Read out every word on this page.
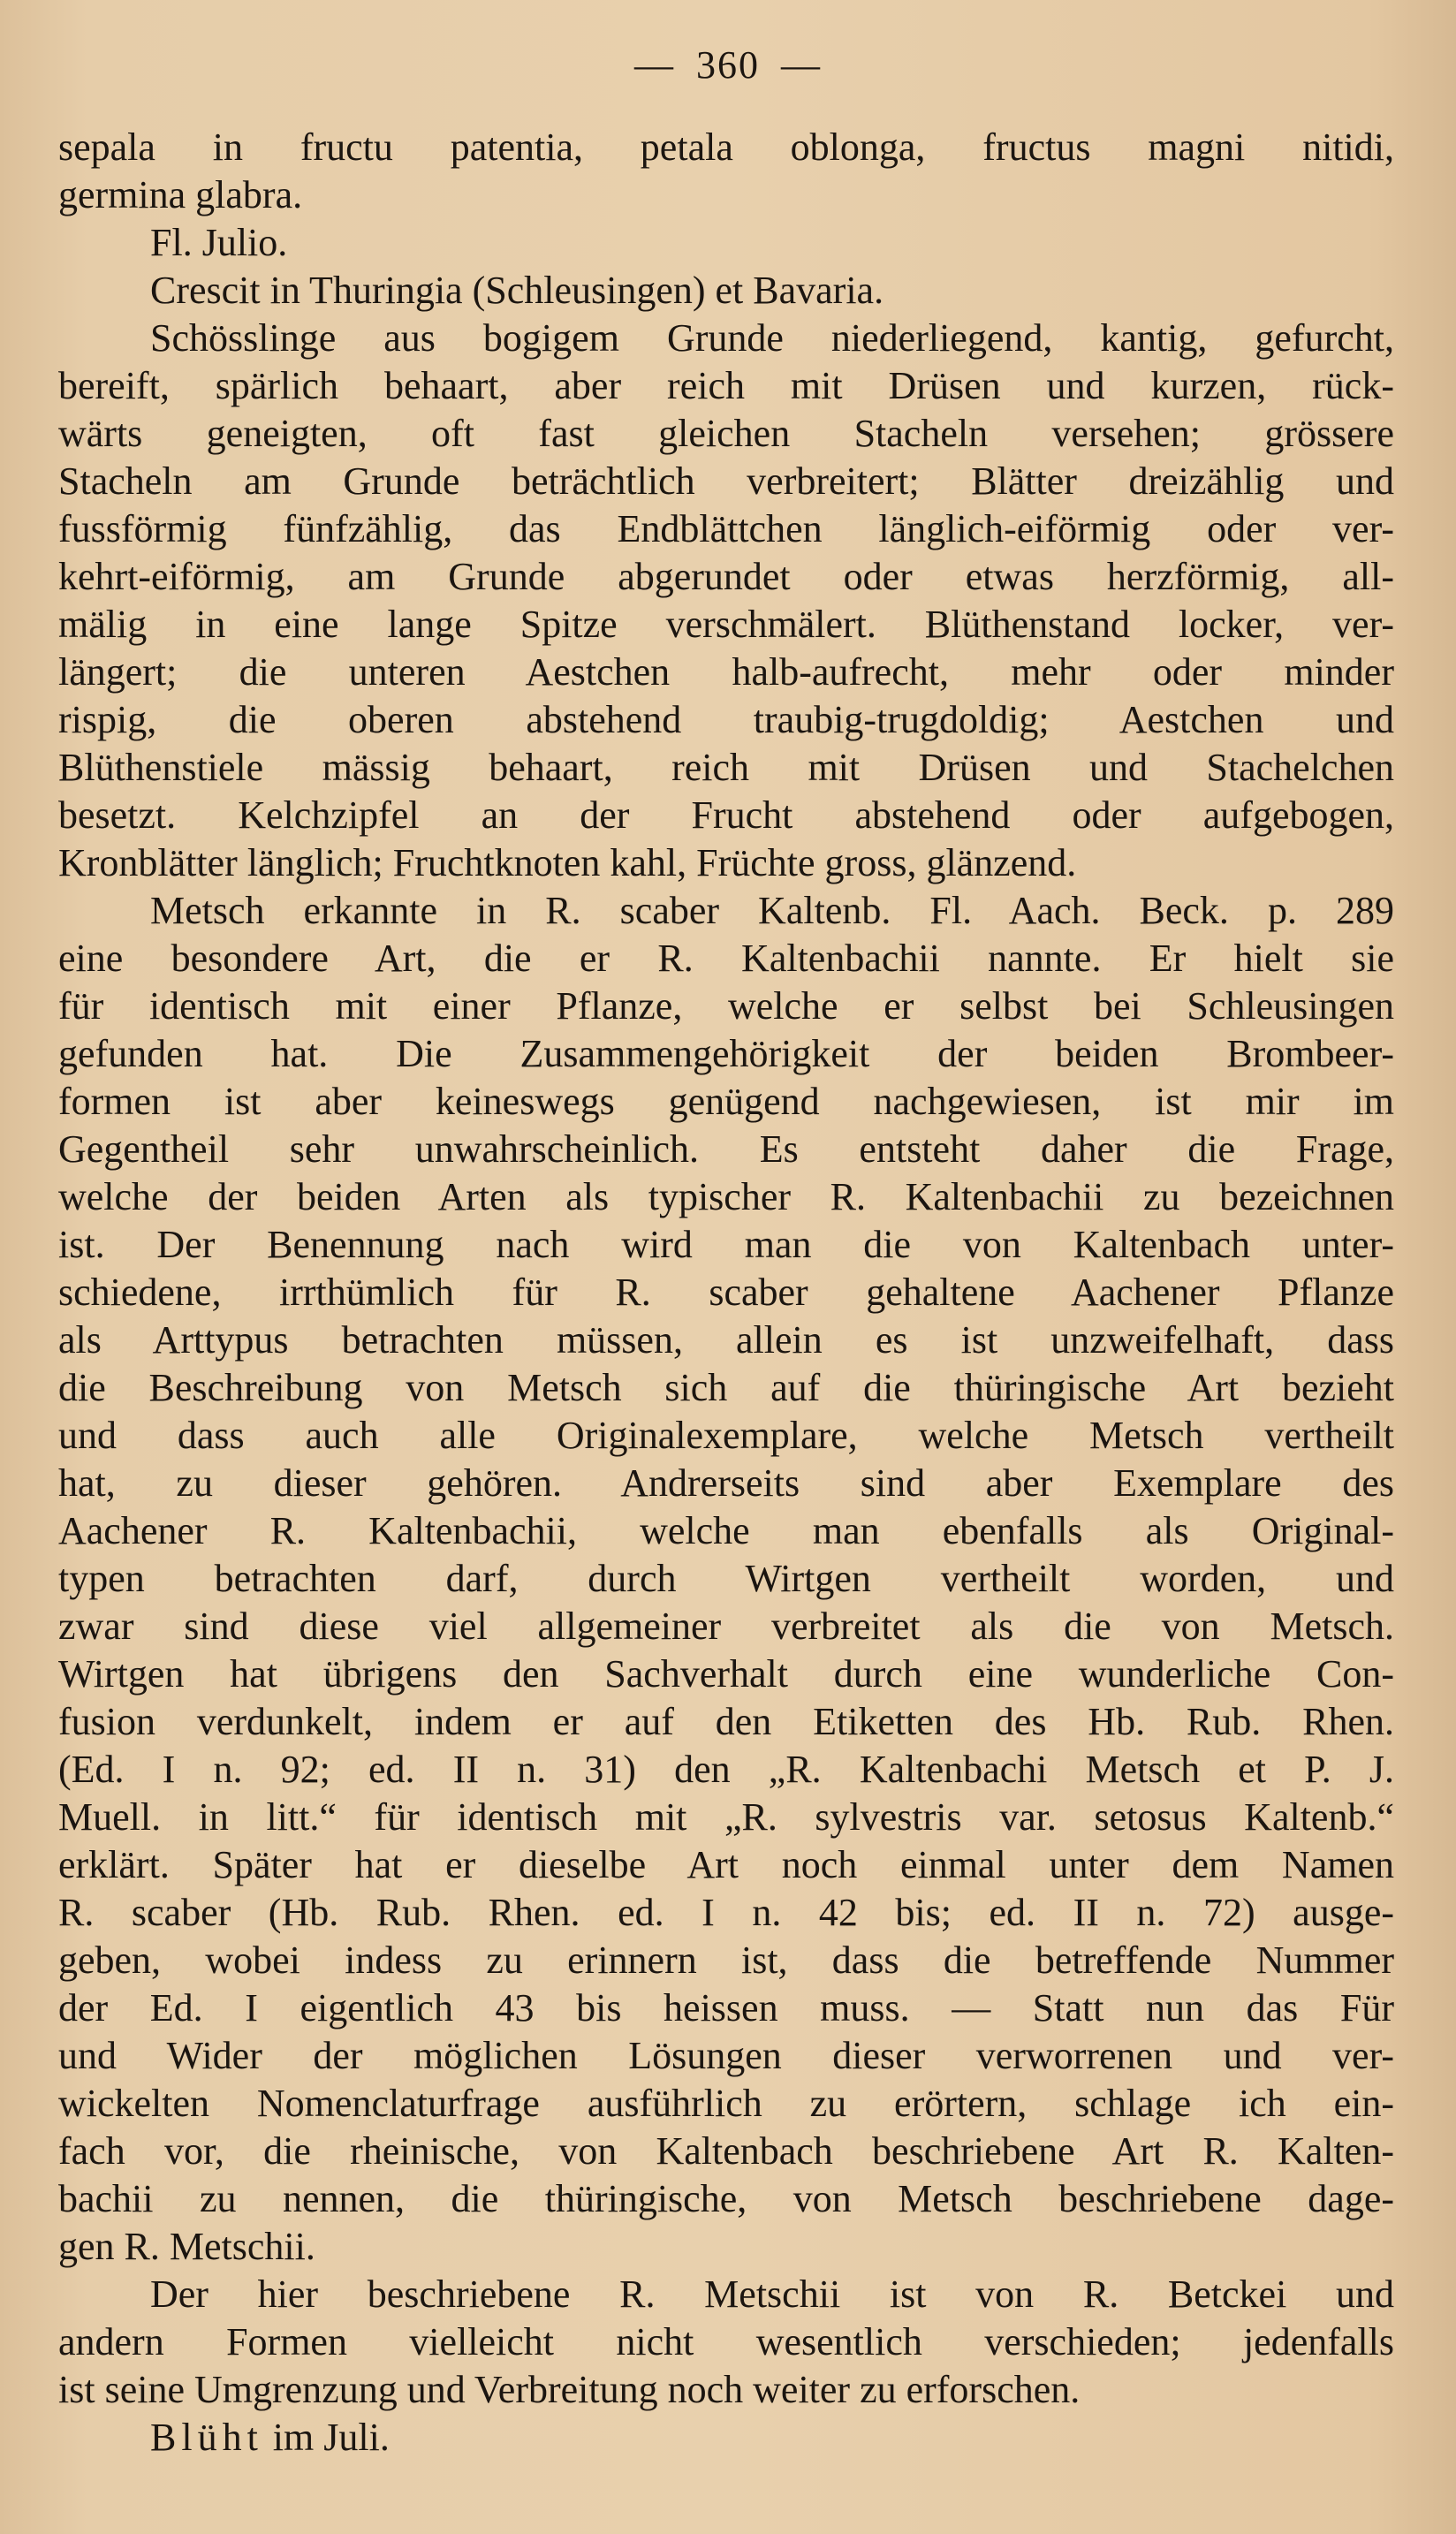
— 360 —
sepala in fructu patentia, petala oblonga, fructus magni nitidi,
germina glabra.
Fl. Julio.
Crescit in Thuringia (Schleusingen) et Bavaria.
Schösslinge aus bogigem Grunde niederliegend, kantig, gefurcht,
bereift, spärlich behaart, aber reich mit Drüsen und kurzen, rück-
wärts geneigten, oft fast gleichen Stacheln versehen; grössere
Stacheln am Grunde beträchtlich verbreitert; Blätter dreizählig und
fussförmig fünfzählig, das Endblättchen länglich-eiförmig oder ver-
kehrt-eiförmig, am Grunde abgerundet oder etwas herzförmig, all-
mälig in eine lange Spitze verschmälert. Blüthenstand locker, ver-
längert; die unteren Aestchen halb-aufrecht, mehr oder minder
rispig, die oberen abstehend traubig-trugdoldig; Aestchen und
Blüthenstiele mässig behaart, reich mit Drüsen und Stachelchen
besetzt. Kelchzipfel an der Frucht abstehend oder aufgebogen,
Kronblätter länglich; Fruchtknoten kahl, Früchte gross, glänzend.
Metsch erkannte in R. scaber Kaltenb. Fl. Aach. Beck. p. 289
eine besondere Art, die er R. Kaltenbachii nannte. Er hielt sie
für identisch mit einer Pflanze, welche er selbst bei Schleusingen
gefunden hat. Die Zusammengehörigkeit der beiden Brombeer-
formen ist aber keineswegs genügend nachgewiesen, ist mir im
Gegentheil sehr unwahrscheinlich. Es entsteht daher die Frage,
welche der beiden Arten als typischer R. Kaltenbachii zu bezeichnen
ist. Der Benennung nach wird man die von Kaltenbach unter-
schiedene, irrthümlich für R. scaber gehaltene Aachener Pflanze
als Arttypus betrachten müssen, allein es ist unzweifelhaft, dass
die Beschreibung von Metsch sich auf die thüringische Art bezieht
und dass auch alle Originalexemplare, welche Metsch vertheilt
hat, zu dieser gehören. Andrerseits sind aber Exemplare des
Aachener R. Kaltenbachii, welche man ebenfalls als Original-
typen betrachten darf, durch Wirtgen vertheilt worden, und
zwar sind diese viel allgemeiner verbreitet als die von Metsch.
Wirtgen hat übrigens den Sachverhalt durch eine wunderliche Con-
fusion verdunkelt, indem er auf den Etiketten des Hb. Rub. Rhen.
(Ed. I n. 92; ed. II n. 31) den „R. Kaltenbachi Metsch et P. J.
Muell. in litt.“ für identisch mit „R. sylvestris var. setosus Kaltenb.“
erklärt. Später hat er dieselbe Art noch einmal unter dem Namen
R. scaber (Hb. Rub. Rhen. ed. I n. 42 bis; ed. II n. 72) ausge-
geben, wobei indess zu erinnern ist, dass die betreffende Nummer
der Ed. I eigentlich 43 bis heissen muss. — Statt nun das Für
und Wider der möglichen Lösungen dieser verworrenen und ver-
wickelten Nomenclaturfrage ausführlich zu erörtern, schlage ich ein-
fach vor, die rheinische, von Kaltenbach beschriebene Art R. Kalten-
bachii zu nennen, die thüringische, von Metsch beschriebene dage-
gen R. Metschii.
Der hier beschriebene R. Metschii ist von R. Betckei und
andern Formen vielleicht nicht wesentlich verschieden; jedenfalls
ist seine Umgrenzung und Verbreitung noch weiter zu erforschen.
Blüht im Juli.
